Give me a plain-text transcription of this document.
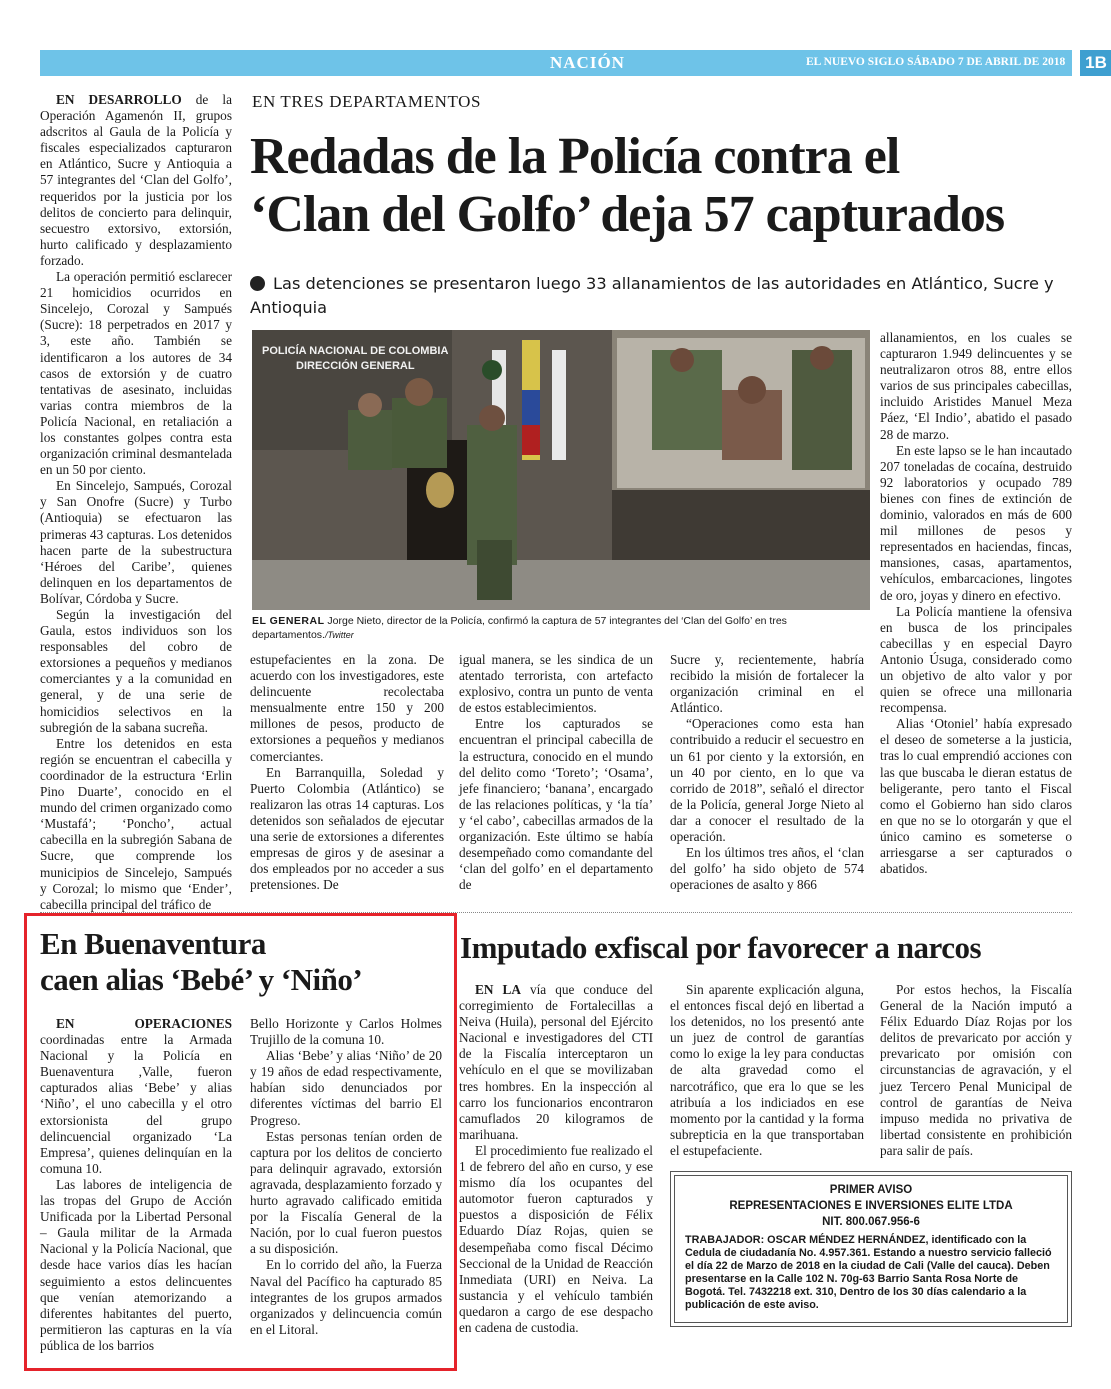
NACIÓN	EL NUEVO SIGLO SÁBADO 7 DE ABRIL DE 2018	1B

EN DESARROLLO de la Operación Agamenón II, grupos adscritos al Gaula de la Policía y fiscales especializados capturaron en Atlántico, Sucre y Antioquia a 57 integrantes del ‘Clan del Golfo’, requeridos por la justicia por los delitos de concierto para delinquir, secuestro extorsivo, extorsión, hurto calificado y desplazamiento forzado.

La operación permitió esclarecer 21 homicidios ocurridos en Sincelejo, Corozal y Sampués (Sucre): 18 perpetrados en 2017 y 3, este año. También se identificaron a los autores de 34 casos de extorsión y de cuatro tentativas de asesinato, incluidas varias contra miembros de la Policía Nacional, en retaliación a los constantes golpes contra esta organización criminal desmantelada en un 50 por ciento.

En Sincelejo, Sampués, Corozal y San Onofre (Sucre) y Turbo (Antioquia) se efectuaron las primeras 43 capturas. Los detenidos hacen parte de la subestructura ‘Héroes del Caribe’, quienes delinquen en los departamentos de Bolívar, Córdoba y Sucre.

Según la investigación del Gaula, estos individuos son los responsables del cobro de extorsiones a pequeños y medianos comerciantes y a la comunidad en general, y de una serie de homicidios selectivos en la subregión de la sabana sucreña.

Entre los detenidos en esta región se encuentran el cabecilla y coordinador de la estructura ‘Erlin Pino Duarte’, conocido en el mundo del crimen organizado como ‘Mustafá’; ‘Poncho’, actual cabecilla en la subregión Sabana de Sucre, que comprende los municipios de Sincelejo, Sampués y Corozal; lo mismo que ‘Ender’, cabecilla principal del tráfico de

EN TRES DEPARTAMENTOS
Redadas de la Policía contra el
‘Clan del Golfo’ deja 57 capturados
Las detenciones se presentaron luego 33 allanamientos de las autoridades en Atlántico, Sucre y Antioquia
POLICÍA NACIONAL DE COLOMBIA
DIRECCIÓN GENERAL
EL GENERAL Jorge Nieto, director de la Policía, confirmó la captura de 57 integrantes del ‘Clan del Golfo’ en tres departamentos./Twitter

estupefacientes en la zona. De acuerdo con los investigadores, este delincuente recolectaba mensualmente entre 150 y 200 millones de pesos, producto de extorsiones a pequeños y medianos comerciantes.

En Barranquilla, Soledad y Puerto Colombia (Atlántico) se realizaron las otras 14 capturas. Los detenidos son señalados de ejecutar una serie de extorsiones a diferentes empresas de giros y de asesinar a dos empleados por no acceder a sus pretensiones. De

igual manera, se les sindica de un atentado terrorista, con artefacto explosivo, contra un punto de venta de estos establecimientos.

Entre los capturados se encuentran el principal cabecilla de la estructura, conocido en el mundo del delito como ‘Toreto’; ‘Osama’, jefe financiero; ‘banana’, encargado de las relaciones políticas, y ‘la tía’ y ‘el cabo’, cabecillas armados de la organización. Este último se había desempeñado como comandante del ‘clan del golfo’ en el departamento de

Sucre y, recientemente, habría recibido la misión de fortalecer la organización criminal en el Atlántico.

“Operaciones como esta han contribuido a reducir el secuestro en un 61 por ciento y la extorsión, en un 40 por ciento, en lo que va corrido de 2018”, señaló el director de la Policía, general Jorge Nieto al dar a conocer el resultado de la operación.

En los últimos tres años, el ‘clan del golfo’ ha sido objeto de 574 operaciones de asalto y 866

allanamientos, en los cuales se capturaron 1.949 delincuentes y se neutralizaron otros 88, entre ellos varios de sus principales cabecillas, incluido Aristides Manuel Meza Páez, ‘El Indio’, abatido el pasado 28 de marzo.

En este lapso se le han incautado 207 toneladas de cocaína, destruido 92 laboratorios y ocupado 789 bienes con fines de extinción de dominio, valorados en más de 600 mil millones de pesos y representados en haciendas, fincas, mansiones, casas, apartamentos, vehículos, embarcaciones, lingotes de oro, joyas y dinero en efectivo.

La Policía mantiene la ofensiva en busca de los principales cabecillas y en especial Dayro Antonio Úsuga, considerado como un objetivo de alto valor y por quien se ofrece una millonaria recompensa.

Alias ‘Otoniel’ había expresado el deseo de someterse a la justicia, tras lo cual emprendió acciones con las que buscaba le dieran estatus de beligerante, pero tanto el Fiscal como el Gobierno han sido claros en que no se lo otorgarán y que el único camino es someterse o arriesgarse a ser capturados o abatidos.

En Buenaventura
caen alias ‘Bebé’ y ‘Niño’

EN OPERACIONES coordinadas entre la Armada Nacional y la Policía en Buenaventura ,Valle, fueron capturados alias ‘Bebe’ y alias ‘Niño’, el uno cabecilla y el otro extorsionista del grupo delincuencial organizado ‘La Empresa’, quienes delinquían en la comuna 10.

Las labores de inteligencia de las tropas del Grupo de Acción Unificada por la Libertad Personal – Gaula militar de la Armada Nacional y la Policía Nacional, que desde hace varios días les hacían seguimiento a estos delincuentes que venían atemorizando a diferentes habitantes del puerto, permitieron las capturas en la vía pública de los barrios

Bello Horizonte y Carlos Holmes Trujillo de la comuna 10.

Alias ‘Bebe’ y alias ‘Niño’ de 20 y 19 años de edad respectivamente, habían sido denunciados por diferentes víctimas del barrio El Progreso.

Estas personas tenían orden de captura por los delitos de concierto para delinquir agravado, extorsión agravada, desplazamiento forzado y hurto agravado calificado emitida por la Fiscalía General de la Nación, por lo cual fueron puestos a su disposición.

En lo corrido del año, la Fuerza Naval del Pacífico ha capturado 85 integrantes de los grupos armados organizados y delincuencia común en el Litoral.

Imputado exfiscal por favorecer a narcos

EN LA vía que conduce del corregimiento de Fortalecillas a Neiva (Huila), personal del Ejército Nacional e investigadores del CTI de la Fiscalía interceptaron un vehículo en el que se movilizaban tres hombres. En la inspección al carro los funcionarios encontraron camuflados 20 kilogramos de marihuana.

El procedimiento fue realizado el 1 de febrero del año en curso, y ese mismo día los ocupantes del automotor fueron capturados y puestos a disposición de Félix Eduardo Díaz Rojas, quien se desempeñaba como fiscal Décimo Seccional de la Unidad de Reacción Inmediata (URI) en Neiva. La sustancia y el vehículo también quedaron a cargo de ese despacho en cadena de custodia.

Sin aparente explicación alguna, el entonces fiscal dejó en libertad a los detenidos, no los presentó ante un juez de control de garantías como lo exige la ley para conductas de alta gravedad como el narcotráfico, que era lo que se les atribuía a los indiciados en ese momento por la cantidad y la forma subrepticia en la que transportaban el estupefaciente.

Por estos hechos, la Fiscalía General de la Nación imputó a Félix Eduardo Díaz Rojas por los delitos de prevaricato por acción y prevaricato por omisión con circunstancias de agravación, y el juez Tercero Penal Municipal de control de garantías de Neiva impuso medida no privativa de libertad consistente en prohibición para salir de país.

PRIMER AVISO
REPRESENTACIONES E INVERSIONES ELITE LTDA
NIT. 800.067.956-6
TRABAJADOR: OSCAR MÉNDEZ HERNÁNDEZ, identificado con la Cedula de ciudadanía No. 4.957.361. Estando a nuestro servicio falleció el día 22 de Marzo de 2018 en la ciudad de Cali (Valle del cauca). Deben presentarse en la Calle 102 N. 70g-63 Barrio Santa Rosa Norte de Bogotá. Tel. 7432218 ext. 310, Dentro de los 30 días calendario a la publicación de este aviso.
